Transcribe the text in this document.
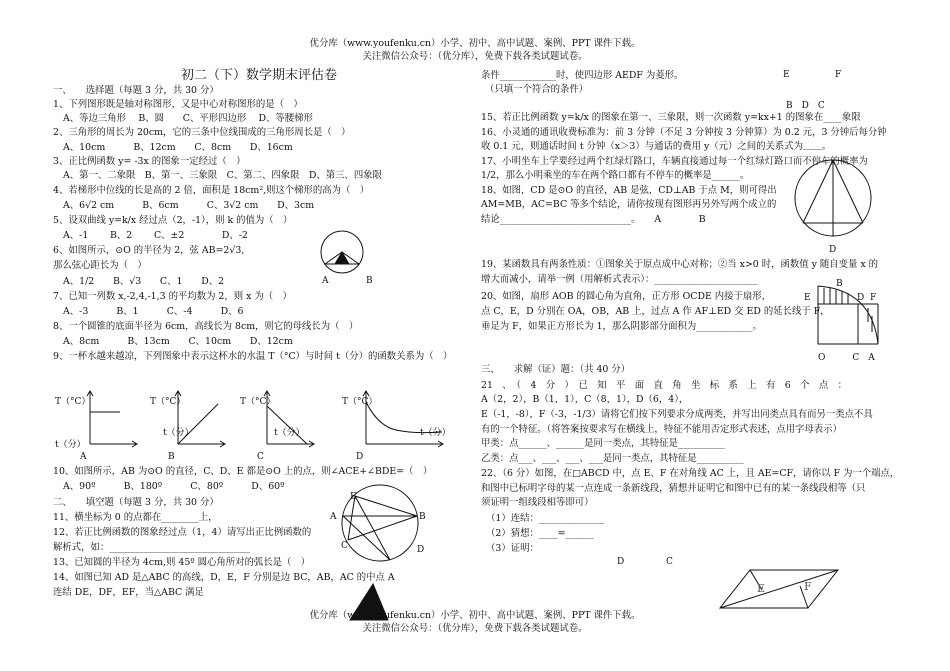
优分库（www.youfenku.cn）小学、初中、高中试题、案例、PPT 课件下载。
关注微信公众号：（优分库），免费下载各类试题试卷。
初二（下）数学期末评估卷
一、　　选择题（每题 3 分，共 30 分）
1、下列图形既是轴对称图形，又是中心对称图形的是（　）
A、等边三角形　 B、圆　　C、平形四边形　 D、等腰梯形
2、三角形的周长为 20cm，它的三条中位线围成的三角形周长是（　）
A、10cm　　　B、12cm　　C、8cm　　D、16cm
3、正比例函数 y= -3x 的图象一定经过（　）
A、第一、二象限　B、第一、三象限　C、第二、四象限　D、第三、四象限
4、若梯形中位线的长是高的 2 倍，面积是 18cm²,则这个梯形的高为（　）
A、6√2 cm　　　B、6cm　　　C、3√2 cm　　D、3cm
5、设双曲线 y=k/x 经过点（2，-1），则 k 的值为（　）
A、-1　　 B、2　　 C、±2　　　　D、-2
6、如图所示，⊙O 的半径为 2，弦 AB=2√3,
那么弦心距长为（　）
A、1/2　　B、√3　　C、1　　D、2	A	B
7、已知一列数 x,-2,4,-1,3 的平均数为 2，则 x 为（　）
A、-3　　　B、1　　　C、-4　　　D、6
8、一个圆锥的底面半径为 6cm，高线长为 8cm，则它的母线长为（　）
A、8cm　　　B、13cm　　C、10cm　　D、12cm
9、一杯水越来越凉，下列图象中表示这杯水的水温 T（°C）与时间 t（分）的函数关系为（　）
T（°C）
t（分）
A
T（°C）
t（分）
B
T（°C）
t（分）
C
T（°C）
t（分）
D
10、如图所示，AB 为⊙O 的直径，C、D、E 都是⊙O 上的点，则∠ACE+∠BDE=（　）
A、90º　　　B、180º　　　C、80º　　　D、60º
E
A	B
C	D
二、　　填空题（每题 3 分，共 30 分）
11、横坐标为 0 的点都在________上，
12、若正比例函数的图象经过点（1，4）请写出正比例函数的
解析式，如：______________________________
13、已知圆的半径为 4cm,则 45º 圆心角所对的弧长是（　）
14、如图已知 AD 是△ABC 的高线，D，E，F 分别是边 BC，AB，AC 的中点 A
连结 DE，DF，EF，当△ABC 满足
条件____________时，使四边形 AEDF 为菱形。
（只填一个符合的条件）
E	F
B　D　C
15、若正比例函数 y=k/x 的图象在第一、三象限，则一次函数 y=kx+1 的图象在____象限
16、小灵通的通讯收费标准为：前 3 分钟（不足 3 分钟按 3 分钟算）为 0.2 元，3 分钟后每分钟
收 0.1 元，则通话时间 t 分钟（x＞3）与通话的费用 y（元）之间的关系式为＿＿。
17、小明坐车上学要经过两个红绿灯路口，车辆直接通过每一个红绿灯路口而不停车的概率为
1/2，那么小明乘坐的车在两个路口都有不停车的概率是______。
18、如图，CD 是⊙O 的直径，AB 是弦，CD⊥AB 于点 M，则可得出
AM=MB，AC=BC 等多个结论，请你按现有图形再另外写两个成立的
结论____________________________。　　A　　　　B
D
19、某函数具有两条性质：①图象关于原点成中心对称；②当 x>0 时，函数值 y 随自变量 x 的
增大而减小，请举一例（用解析式表示）：______________________
20、如图，扇形 AOB 的圆心角为直角，正方形 OCDE 内接于扇形，
点 C，E，D 分别在 OA，OB，AB 上，过点 A 作 AF⊥ED 交 ED 的延长线于 F，
垂足为 F，如果正方形长为 1，那么阴影部分面积为____________。
B
E	D F
O　　　C　A
三、　　求解（证）题：（共 40 分）
21　、　（　4　分　）　已　知　平　面　直　角　坐　标　系　上　有　6　个　点　：
A（2，2），B（1，1），C（8，1），D（6，4），
E（-1，-8），F（-3，-1/3）请将它们按下列要求分成两类，并写出同类点具有而另一类点不具
有的一个特征。（将答案按要求写在横线上，特征不能用否定形式表述，点用字母表示）
甲类：点______、______是同一类点，其特征是__________
乙类：点___、___、___、___是同一类点，其特征是__________
22、（6 分）如图，在□ABCD 中，点 E、F 在对角线 AC 上，且 AE=CF，请你以 F 为一个端点，
和图中已标明字母的某一点连成一条新线段，猜想并证明它和图中已有的某一条线段相等（只
须证明一组线段相等即可）
（1）连结：______________
（2）猜想：____=______
（3）证明：
D	C
E	F
优分库（www.youfenku.cn）小学、初中、高中试题、案例、PPT 课件下载。
关注微信公众号：（优分库），免费下载各类试题试卷。
